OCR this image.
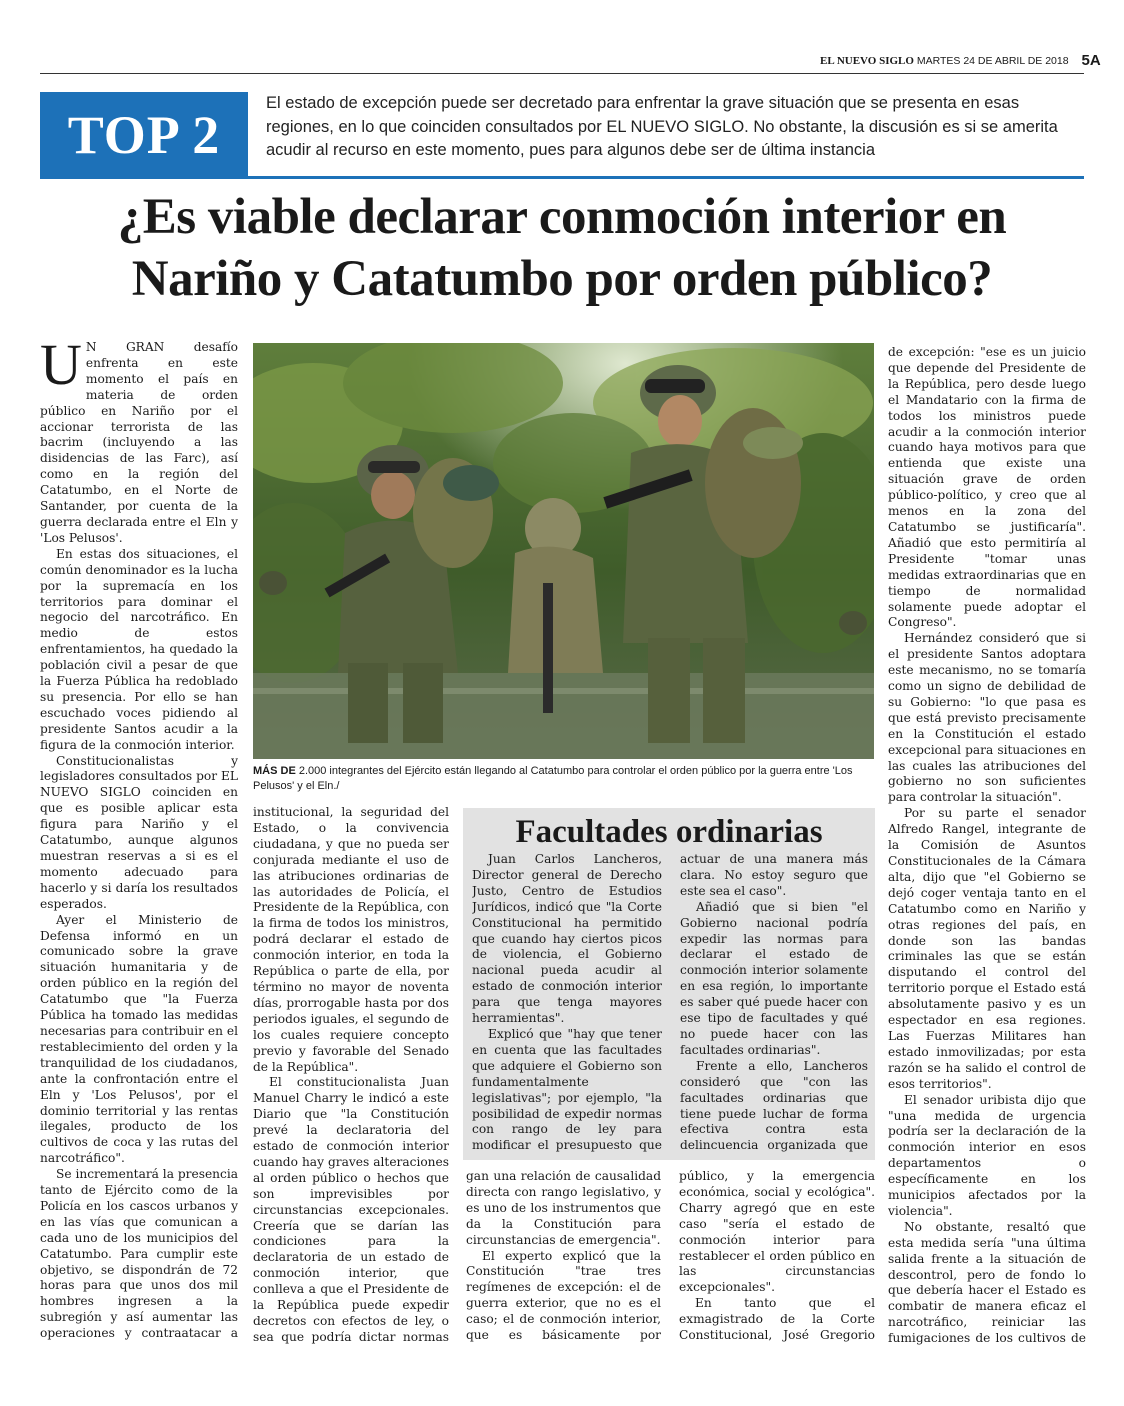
EL NUEVO SIGLO MARTES 24 DE ABRIL DE 2018 5A
TOP 2
El estado de excepción puede ser decretado para enfrentar la grave situación que se presenta en esas regiones, en lo que coinciden consultados por EL NUEVO SIGLO. No obstante, la discusión es si se amerita acudir al recurso en este momento, pues para algunos debe ser de última instancia
¿Es viable declarar conmoción interior en Nariño y Catatumbo por orden público?
U N GRAN desafío enfrenta en este momento el país en materia de orden público en Nariño por el accionar terrorista de las bacrim (incluyendo a las disidencias de las Farc), así como en la región del Catatumbo, en el Norte de Santander, por cuenta de la guerra declarada entre el Eln y 'Los Pelusos'.

En estas dos situaciones, el común denominador es la lucha por la supremacía en los territorios para dominar el negocio del narcotráfico. En medio de estos enfrentamientos, ha quedado la población civil a pesar de que la Fuerza Pública ha redoblado su presencia. Por ello se han escuchado voces pidiendo al presidente Santos acudir a la figura de la conmoción interior.

Constitucionalistas y legisladores consultados por EL NUEVO SIGLO coinciden en que es posible aplicar esta figura para Nariño y el Catatumbo, aunque algunos muestran reservas a si es el momento adecuado para hacerlo y si daría los resultados esperados.

Ayer el Ministerio de Defensa informó en un comunicado sobre la grave situación humanitaria y de orden público en la región del Catatumbo que "la Fuerza Pública ha tomado las medidas necesarias para contribuir en el restablecimiento del orden y la tranquilidad de los ciudadanos, ante la confrontación entre el Eln y 'Los Pelusos', por el dominio territorial y las rentas ilegales, producto de los cultivos de coca y las rutas del narcotráfico".

Se incrementará la presencia tanto de Ejército como de la Policía en los cascos urbanos y en las vías que comunican a cada uno de los municipios del Catatumbo. Para cumplir este objetivo, se dispondrán de 72 horas para que unos dos mil hombres ingresen a la subregión y así aumentar las operaciones y contraatacar a

MÁS DE 2.000 integrantes del Ejército están llegando al Catatumbo para controlar el orden público por la guerra entre 'Los Pelusos' y el Eln./

institucional, la seguridad del Estado, o la convivencia ciudadana, y que no pueda ser conjurada mediante el uso de las atribuciones ordinarias de las autoridades de Policía, el Presidente de la República, con la firma de todos los ministros, podrá declarar el estado de conmoción interior, en toda la República o parte de ella, por término no mayor de noventa días, prorrogable hasta por dos periodos iguales, el segundo de los cuales requiere concepto previo y favorable del Senado de la República".

El constitucionalista Juan Manuel Charry le indicó a este Diario que "la Constitución prevé la declaratoria del estado de conmoción interior cuando hay graves alteraciones al orden público o hechos que son imprevisibles por circunstancias excepcionales. Creería que se darían las condiciones para la declaratoria de un estado de conmoción interior, que conlleva a que el Presidente de la República puede expedir decretos con efectos de ley, o sea que podría dictar normas

Facultades ordinarias

Juan Carlos Lancheros, Director general de Derecho Justo, Centro de Estudios Jurídicos, indicó que "la Corte Constitucional ha permitido que cuando hay ciertos picos de violencia, el Gobierno nacional pueda acudir al estado de conmoción interior para que tenga mayores herramientas".

Explicó que "hay que tener en cuenta que las facultades que adquiere el Gobierno son fundamentalmente legislativas"; por ejemplo, "la posibilidad de expedir normas con rango de ley para modificar el presupuesto que

actuar de una manera más clara. No estoy seguro que este sea el caso".

Añadió que si bien "el Gobierno nacional podría expedir las normas para declarar el estado de conmoción interior solamente en esa región, lo importante es saber qué puede hacer con ese tipo de facultades y qué no puede hacer con las facultades ordinarias".

Frente a ello, Lancheros consideró que "con las facultades ordinarias que tiene puede luchar de forma efectiva contra esta delincuencia organizada que

gan una relación de causalidad directa con rango legislativo, y es uno de los instrumentos que da la Constitución para circunstancias de emergencia".

El experto explicó que la Constitución "trae tres regímenes de excepción: el de guerra exterior, que no es el caso; el de conmoción interior, que es básicamente por

público, y la emergencia económica, social y ecológica". Charry agregó que en este caso "sería el estado de conmoción interior para restablecer el orden público en las circunstancias excepcionales".

En tanto que el exmagistrado de la Corte Constitucional, José Gregorio

de excepción: "ese es un juicio que depende del Presidente de la República, pero desde luego el Mandatario con la firma de todos los ministros puede acudir a la conmoción interior cuando haya motivos para que entienda que existe una situación grave de orden público-político, y creo que al menos en la zona del Catatumbo se justificaría". Añadió que esto permitiría al Presidente "tomar unas medidas extraordinarias que en tiempo de normalidad solamente puede adoptar el Congreso".

Hernández consideró que si el presidente Santos adoptara este mecanismo, no se tomaría como un signo de debilidad de su Gobierno: "lo que pasa es que está previsto precisamente en la Constitución el estado excepcional para situaciones en las cuales las atribuciones del gobierno no son suficientes para controlar la situación".

Por su parte el senador Alfredo Rangel, integrante de la Comisión de Asuntos Constitucionales de la Cámara alta, dijo que "el Gobierno se dejó coger ventaja tanto en el Catatumbo como en Nariño y otras regiones del país, en donde son las bandas criminales las que se están disputando el control del territorio porque el Estado está absolutamente pasivo y es un espectador en esa regiones. Las Fuerzas Militares han estado inmovilizadas; por esta razón se ha salido el control de esos territorios".

El senador uribista dijo que "una medida de urgencia podría ser la declaración de la conmoción interior en esos departamentos o específicamente en los municipios afectados por la violencia".

No obstante, resaltó que esta medida sería "una última salida frente a la situación de descontrol, pero de fondo lo que debería hacer el Estado es combatir de manera eficaz el narcotráfico, reiniciar las fumigaciones de los cultivos de
